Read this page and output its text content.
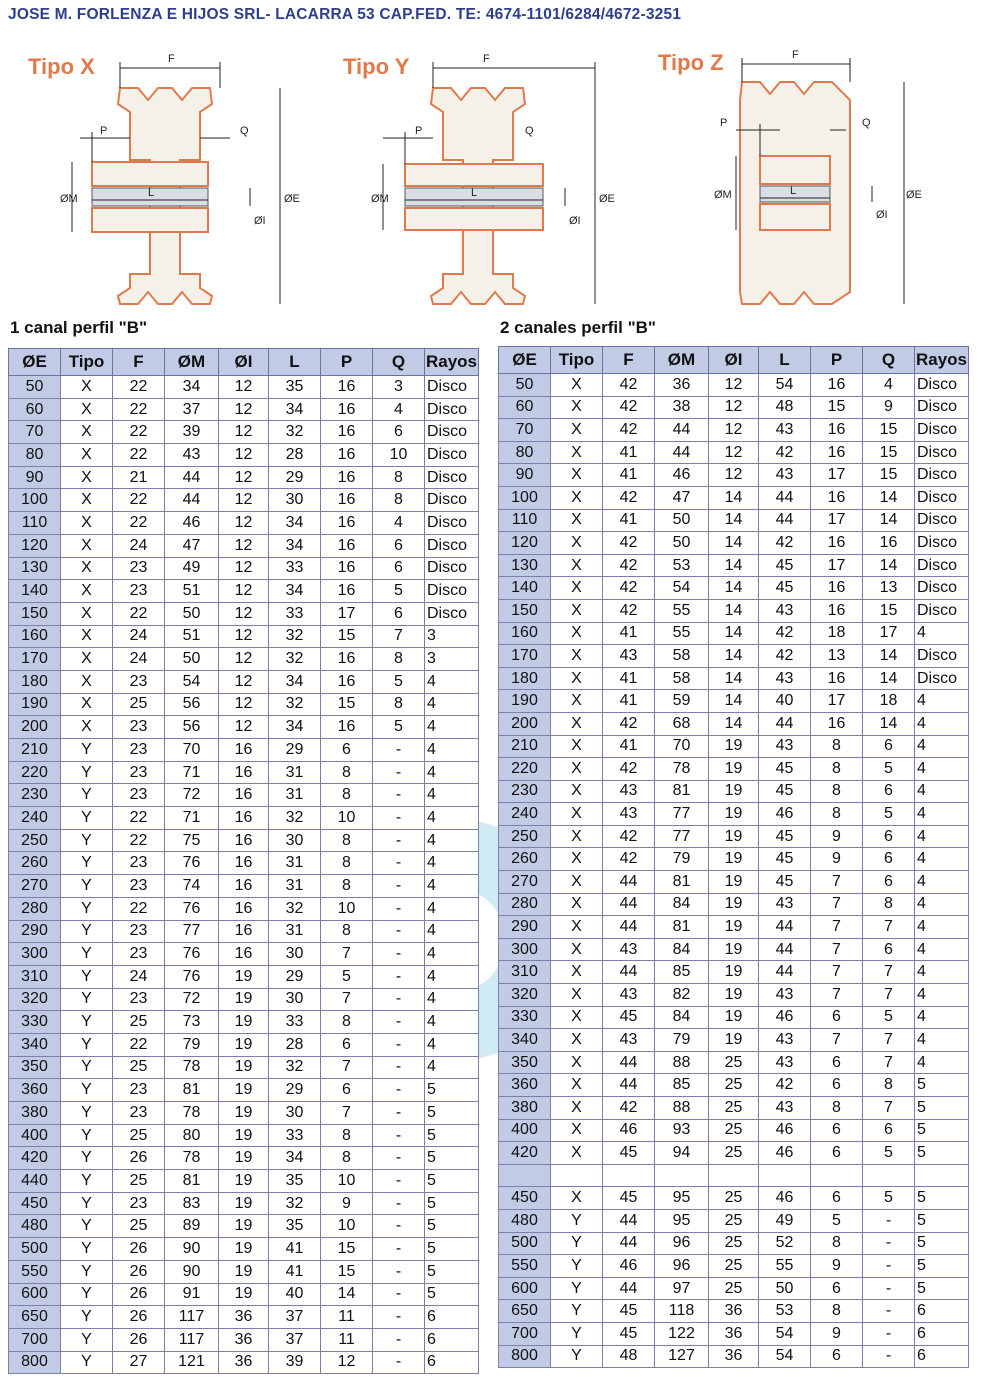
JOSE M. FORLENZA E HIJOS SRL- LACARRA 53 CAP.FED. TE: 4674-1101/6284/4672-3251
Tipo X	F
P	Q
ØM	L	ØE
ØI
Tipo Y	F
P	Q
ØM	L	ØE
ØI
Tipo Z	F
P	Q
ØM	L	ØE
ØI
1 canal perfil "B"	2 canales perfil "B"
ØE	Tipo	F	ØM	ØI	L	P	Q	Rayos
50	X	22	34	12	35	16	3	Disco
60	X	22	37	12	34	16	4	Disco
70	X	22	39	12	32	16	6	Disco
80	X	22	43	12	28	16	10	Disco
90	X	21	44	12	29	16	8	Disco
100	X	22	44	12	30	16	8	Disco
110	X	22	46	12	34	16	4	Disco
120	X	24	47	12	34	16	6	Disco
130	X	23	49	12	33	16	6	Disco
140	X	23	51	12	34	16	5	Disco
150	X	22	50	12	33	17	6	Disco
160	X	24	51	12	32	15	7	3
170	X	24	50	12	32	16	8	3
180	X	23	54	12	34	16	5	4
190	X	25	56	12	32	15	8	4
200	X	23	56	12	34	16	5	4
210	Y	23	70	16	29	6	-	4
220	Y	23	71	16	31	8	-	4
230	Y	23	72	16	31	8	-	4
240	Y	22	71	16	32	10	-	4
250	Y	22	75	16	30	8	-	4
260	Y	23	76	16	31	8	-	4
270	Y	23	74	16	31	8	-	4
280	Y	22	76	16	32	10	-	4
290	Y	23	77	16	31	8	-	4
300	Y	23	76	16	30	7	-	4
310	Y	24	76	19	29	5	-	4
320	Y	23	72	19	30	7	-	4
330	Y	25	73	19	33	8	-	4
340	Y	22	79	19	28	6	-	4
350	Y	25	78	19	32	7	-	4
360	Y	23	81	19	29	6	-	5
380	Y	23	78	19	30	7	-	5
400	Y	25	80	19	33	8	-	5
420	Y	26	78	19	34	8	-	5
440	Y	25	81	19	35	10	-	5
450	Y	23	83	19	32	9	-	5
480	Y	25	89	19	35	10	-	5
500	Y	26	90	19	41	15	-	5
550	Y	26	90	19	41	15	-	5
600	Y	26	91	19	40	14	-	5
650	Y	26	117	36	37	11	-	6
700	Y	26	117	36	37	11	-	6
800	Y	27	121	36	39	12	-	6
ØE	Tipo	F	ØM	ØI	L	P	Q	Rayos
50	X	42	36	12	54	16	4	Disco
60	X	42	38	12	48	15	9	Disco
70	X	42	44	12	43	16	15	Disco
80	X	41	44	12	42	16	15	Disco
90	X	41	46	12	43	17	15	Disco
100	X	42	47	14	44	16	14	Disco
110	X	41	50	14	44	17	14	Disco
120	X	42	50	14	42	16	16	Disco
130	X	42	53	14	45	17	14	Disco
140	X	42	54	14	45	16	13	Disco
150	X	42	55	14	43	16	15	Disco
160	X	41	55	14	42	18	17	4
170	X	43	58	14	42	13	14	Disco
180	X	41	58	14	43	16	14	Disco
190	X	41	59	14	40	17	18	4
200	X	42	68	14	44	16	14	4
210	X	41	70	19	43	8	6	4
220	X	42	78	19	45	8	5	4
230	X	43	81	19	45	8	6	4
240	X	43	77	19	46	8	5	4
250	X	42	77	19	45	9	6	4
260	X	42	79	19	45	9	6	4
270	X	44	81	19	45	7	6	4
280	X	44	84	19	43	7	8	4
290	X	44	81	19	44	7	7	4
300	X	43	84	19	44	7	6	4
310	X	44	85	19	44	7	7	4
320	X	43	82	19	43	7	7	4
330	X	45	84	19	46	6	5	4
340	X	43	79	19	43	7	7	4
350	X	44	88	25	43	6	7	4
360	X	44	85	25	42	6	8	5
380	X	42	88	25	43	8	7	5
400	X	46	93	25	46	6	6	5
420	X	45	94	25	46	6	5	5

450	X	45	95	25	46	6	5	5
480	Y	44	95	25	49	5	-	5
500	Y	44	96	25	52	8	-	5
550	Y	46	96	25	55	9	-	5
600	Y	44	97	25	50	6	-	5
650	Y	45	118	36	53	8	-	6
700	Y	45	122	36	54	9	-	6
800	Y	48	127	36	54	6	-	6
